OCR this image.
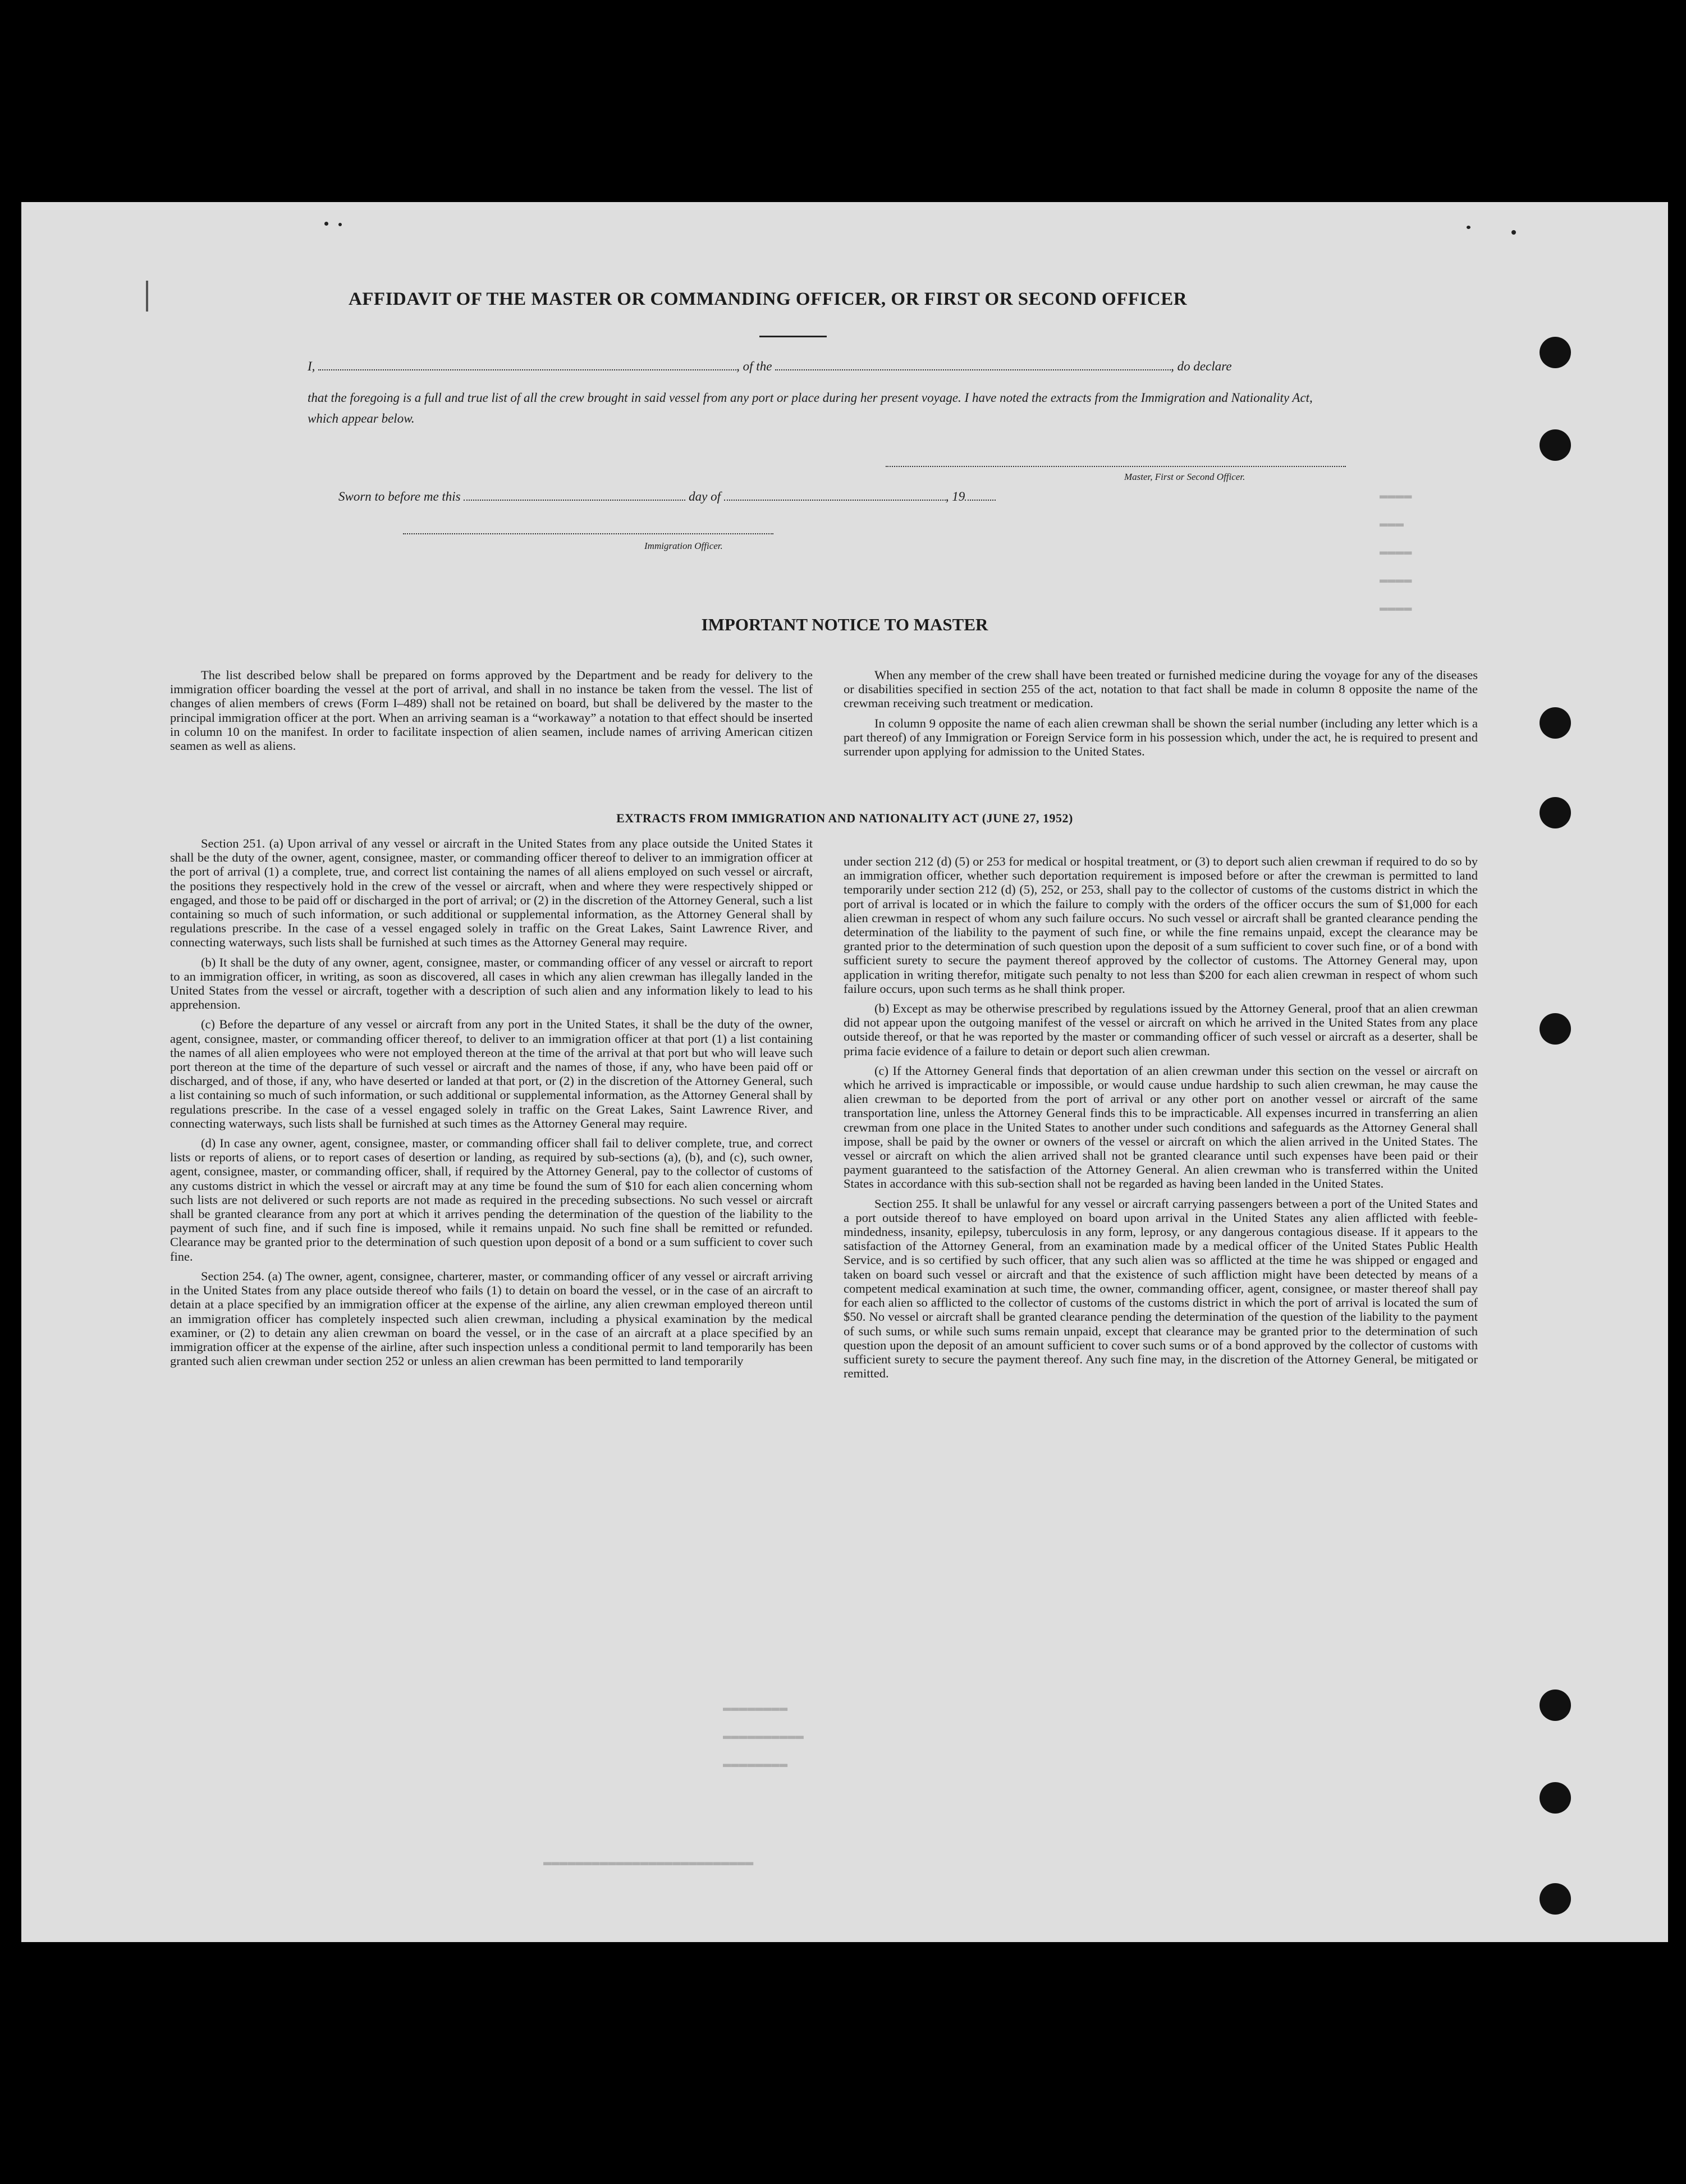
▬▬▬▬
▬▬▬
▬▬▬▬
▬▬▬▬
▬▬▬▬
AFFIDAVIT OF THE MASTER OR COMMANDING OFFICER, OR FIRST OR SECOND OFFICER
I,	, of the	, do declare
that the foregoing is a full and true list of all the crew brought in said vessel from any port or place during her present voyage. I have noted the extracts from the Immigration and Nationality Act, which appear below.
Master, First or Second Officer.
Sworn to before me this	day of	, 19
Immigration Officer.
IMPORTANT NOTICE TO MASTER

The list described below shall be prepared on forms approved by the Department and be ready for delivery to the immigration officer boarding the vessel at the port of arrival, and shall in no instance be taken from the vessel. The list of changes of alien members of crews (Form I–489) shall not be retained on board, but shall be delivered by the master to the principal immigration officer at the port. When an arriving seaman is a “workaway” a notation to that effect should be inserted in column 10 on the manifest. In order to facilitate inspection of alien seamen, include names of arriving American citizen seamen as well as aliens.

When any member of the crew shall have been treated or furnished medicine during the voyage for any of the diseases or disabilities specified in section 255 of the act, notation to that fact shall be made in column 8 opposite the name of the crewman receiving such treatment or medication.

In column 9 opposite the name of each alien crewman shall be shown the serial number (including any letter which is a part thereof) of any Immigration or Foreign Service form in his possession which, under the act, he is required to present and surrender upon applying for admission to the United States.

EXTRACTS FROM IMMIGRATION AND NATIONALITY ACT (JUNE 27, 1952)

Section 251. (a) Upon arrival of any vessel or aircraft in the United States from any place outside the United States it shall be the duty of the owner, agent, consignee, master, or commanding officer thereof to deliver to an immigration officer at the port of arrival (1) a complete, true, and correct list containing the names of all aliens employed on such vessel or aircraft, the positions they respectively hold in the crew of the vessel or aircraft, when and where they were respectively shipped or engaged, and those to be paid off or discharged in the port of arrival; or (2) in the discretion of the Attorney General, such a list containing so much of such information, or such additional or supplemental information, as the Attorney General shall by regulations prescribe. In the case of a vessel engaged solely in traffic on the Great Lakes, Saint Lawrence River, and connecting waterways, such lists shall be furnished at such times as the Attorney General may require.

(b) It shall be the duty of any owner, agent, consignee, master, or commanding officer of any vessel or aircraft to report to an immigration officer, in writing, as soon as discovered, all cases in which any alien crewman has illegally landed in the United States from the vessel or aircraft, together with a description of such alien and any information likely to lead to his apprehension.

(c) Before the departure of any vessel or aircraft from any port in the United States, it shall be the duty of the owner, agent, consignee, master, or commanding officer thereof, to deliver to an immigration officer at that port (1) a list containing the names of all alien employees who were not employed thereon at the time of the arrival at that port but who will leave such port thereon at the time of the departure of such vessel or aircraft and the names of those, if any, who have been paid off or discharged, and of those, if any, who have deserted or landed at that port, or (2) in the discretion of the Attorney General, such a list containing so much of such information, or such additional or supplemental information, as the Attorney General shall by regulations prescribe. In the case of a vessel engaged solely in traffic on the Great Lakes, Saint Lawrence River, and connecting waterways, such lists shall be furnished at such times as the Attorney General may require.

(d) In case any owner, agent, consignee, master, or commanding officer shall fail to deliver complete, true, and correct lists or reports of aliens, or to report cases of desertion or landing, as required by sub-sections (a), (b), and (c), such owner, agent, consignee, master, or commanding officer, shall, if required by the Attorney General, pay to the collector of customs of any customs district in which the vessel or aircraft may at any time be found the sum of $10 for each alien concerning whom such lists are not delivered or such reports are not made as required in the preceding subsections. No such vessel or aircraft shall be granted clearance from any port at which it arrives pending the determination of the question of the liability to the payment of such fine, and if such fine is imposed, while it remains unpaid. No such fine shall be remitted or refunded. Clearance may be granted prior to the determination of such question upon deposit of a bond or a sum sufficient to cover such fine.

Section 254. (a) The owner, agent, consignee, charterer, master, or commanding officer of any vessel or aircraft arriving in the United States from any place outside thereof who fails (1) to detain on board the vessel, or in the case of an aircraft to detain at a place specified by an immigration officer at the expense of the airline, any alien crewman employed thereon until an immigration officer has completely inspected such alien crewman, including a physical examination by the medical examiner, or (2) to detain any alien crewman on board the vessel, or in the case of an aircraft at a place specified by an immigration officer at the expense of the airline, after such inspection unless a conditional permit to land temporarily has been granted such alien crewman under section 252 or unless an alien crewman has been permitted to land temporarily

under section 212 (d) (5) or 253 for medical or hospital treatment, or (3) to deport such alien crewman if required to do so by an immigration officer, whether such deportation requirement is imposed before or after the crewman is permitted to land temporarily under section 212 (d) (5), 252, or 253, shall pay to the collector of customs of the customs district in which the port of arrival is located or in which the failure to comply with the orders of the officer occurs the sum of $1,000 for each alien crewman in respect of whom any such failure occurs. No such vessel or aircraft shall be granted clearance pending the determination of the liability to the payment of such fine, or while the fine remains unpaid, except the clearance may be granted prior to the determination of such question upon the deposit of a sum sufficient to cover such fine, or of a bond with sufficient surety to secure the payment thereof approved by the collector of customs. The Attorney General may, upon application in writing therefor, mitigate such penalty to not less than $200 for each alien crewman in respect of whom such failure occurs, upon such terms as he shall think proper.

(b) Except as may be otherwise prescribed by regulations issued by the Attorney General, proof that an alien crewman did not appear upon the outgoing manifest of the vessel or aircraft on which he arrived in the United States from any place outside thereof, or that he was reported by the master or commanding officer of such vessel or aircraft as a deserter, shall be prima facie evidence of a failure to detain or deport such alien crewman.

(c) If the Attorney General finds that deportation of an alien crewman under this section on the vessel or aircraft on which he arrived is impracticable or impossible, or would cause undue hardship to such alien crewman, he may cause the alien crewman to be deported from the port of arrival or any other port on another vessel or aircraft of the same transportation line, unless the Attorney General finds this to be impracticable. All expenses incurred in transferring an alien crewman from one place in the United States to another under such conditions and safeguards as the Attorney General shall impose, shall be paid by the owner or owners of the vessel or aircraft on which the alien arrived in the United States. The vessel or aircraft on which the alien arrived shall not be granted clearance until such expenses have been paid or their payment guaranteed to the satisfaction of the Attorney General. An alien crewman who is transferred within the United States in accordance with this sub-section shall not be regarded as having been landed in the United States.

Section 255. It shall be unlawful for any vessel or aircraft carrying passengers between a port of the United States and a port outside thereof to have employed on board upon arrival in the United States any alien afflicted with feeble-mindedness, insanity, epilepsy, tuberculosis in any form, leprosy, or any dangerous contagious disease. If it appears to the satisfaction of the Attorney General, from an examination made by a medical officer of the United States Public Health Service, and is so certified by such officer, that any such alien was so afflicted at the time he was shipped or engaged and taken on board such vessel or aircraft and that the existence of such affliction might have been detected by means of a competent medical examination at such time, the owner, commanding officer, agent, consignee, or master thereof shall pay for each alien so afflicted to the collector of customs of the customs district in which the port of arrival is located the sum of $50. No vessel or aircraft shall be granted clearance pending the determination of the question of the liability to the payment of such sums, or while such sums remain unpaid, except that clearance may be granted prior to the determination of such question upon the deposit of an amount sufficient to cover such sums or of a bond approved by the collector of customs with sufficient surety to secure the payment thereof. Any such fine may, in the discretion of the Attorney General, be mitigated or remitted.

▬▬▬▬▬▬▬▬
▬▬▬▬▬▬▬▬▬▬
▬▬▬▬▬▬▬▬
▬▬▬▬▬▬▬▬▬▬▬▬▬▬▬▬▬▬▬▬▬▬▬▬▬▬
